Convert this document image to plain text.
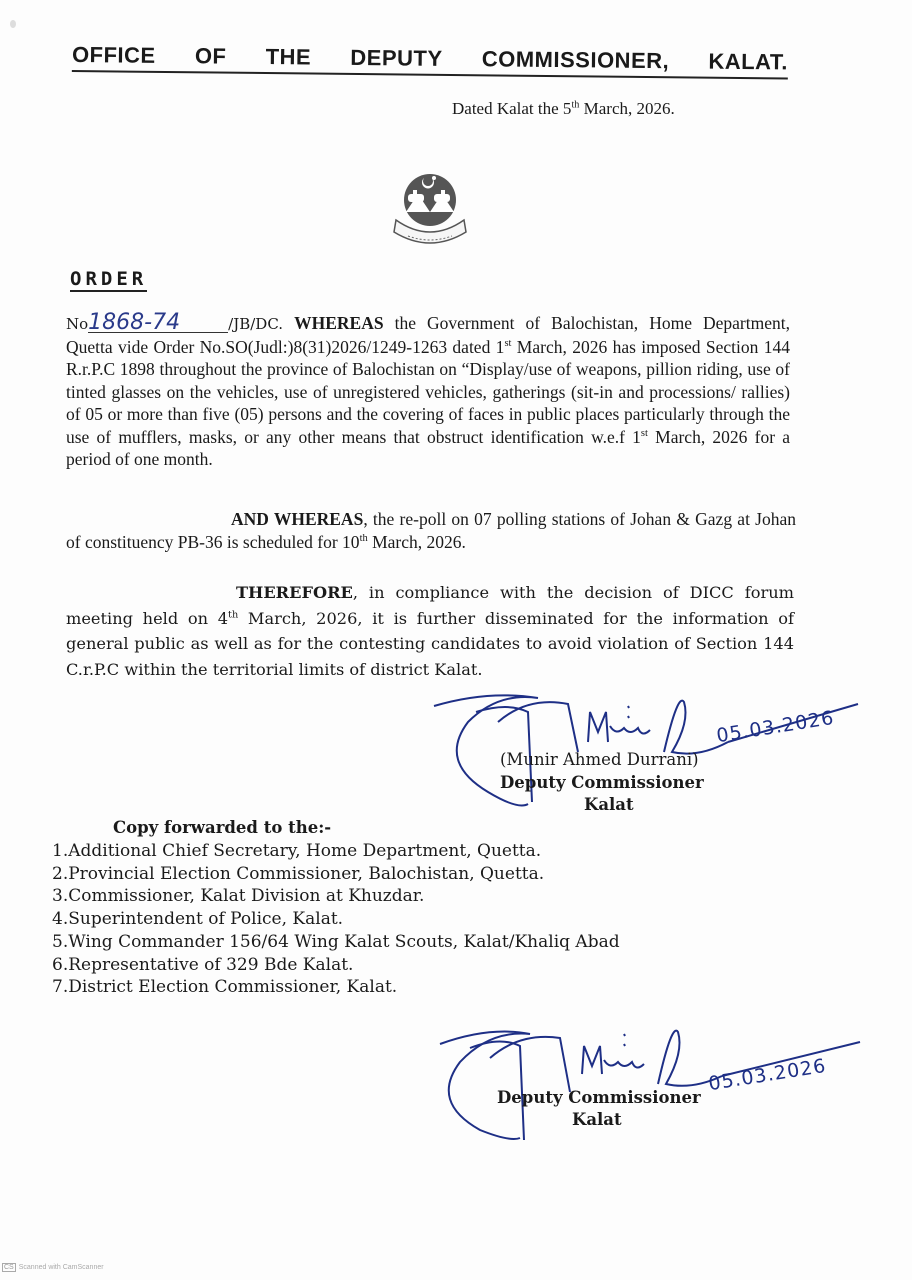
OFFICE OF THE DEPUTY COMMISSIONER, KALAT.
Dated Kalat the 5th March, 2026.
ORDER
No1868-74	/JB/DC. WHEREAS the Government of Balochistan, Home Department, Quetta vide Order No.SO(Judl:)8(31)2026/1249-1263 dated 1st March, 2026 has imposed Section 144 R.r.P.C 1898 throughout the province of Balochistan on “Display/use of weapons, pillion riding, use of tinted glasses on the vehicles, use of unregistered vehicles, gatherings (sit-in and processions/ rallies) of 05 or more than five (05) persons and the covering of faces in public places particularly through the use of mufflers, masks, or any other means that obstruct identification w.e.f 1st March, 2026 for a period of one month.
AND WHEREAS, the re-poll on 07 polling stations of Johan & Gazg at Johan of constituency PB-36 is scheduled for 10th March, 2026.
THEREFORE, in compliance with the decision of DICC forum meeting held on 4th March, 2026, it is further disseminated for the information of general public as well as for the contesting candidates to avoid violation of Section 144 C.r.P.C within the territorial limits of district Kalat.
05.03.2026
(Munir Ahmed Durrani)
Deputy Commissioner
Kalat
Copy forwarded to the:-
1.Additional Chief Secretary, Home Department, Quetta.
2.Provincial Election Commissioner, Balochistan, Quetta.
3.Commissioner, Kalat Division at Khuzdar.
4.Superintendent of Police, Kalat.
5.Wing Commander 156/64 Wing Kalat Scouts, Kalat/Khaliq Abad
6.Representative of 329 Bde Kalat.
7.District Election Commissioner, Kalat.
05.03.2026
Deputy Commissioner
Kalat
CS Scanned with CamScanner
